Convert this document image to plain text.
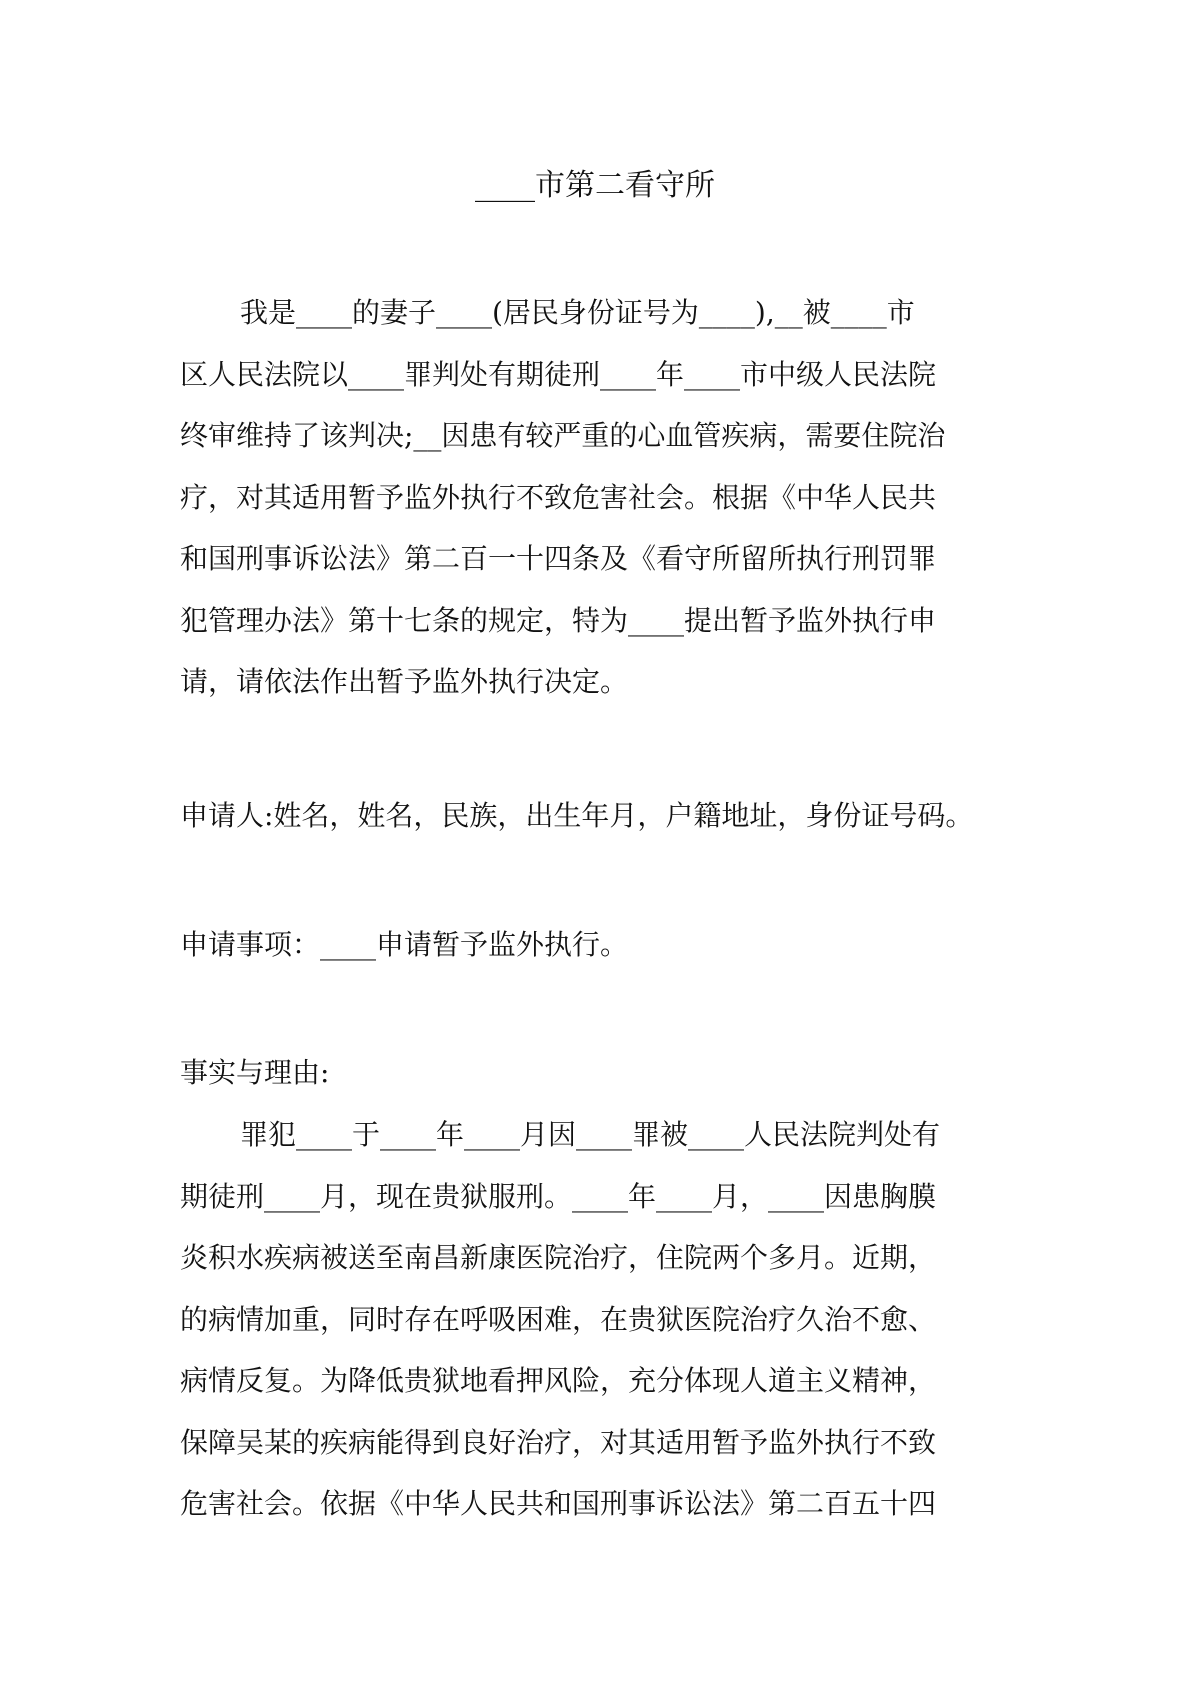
____市第二看守所
我是____的妻子____(居民身份证号为____),__被____市
区人民法院以____罪判处有期徒刑____年____市中级人民法院
终审维持了该判决;__因患有较严重的心血管疾病，需要住院治
疗，对其适用暂予监外执行不致危害社会。根据《中华人民共
和国刑事诉讼法》第二百一十四条及《看守所留所执行刑罚罪
犯管理办法》第十七条的规定，特为____提出暂予监外执行申
请，请依法作出暂予监外执行决定。
申请人:姓名，姓名，民族，出生年月，户籍地址，身份证号码。
申请事项：____申请暂予监外执行。
事实与理由:
罪犯____于____年____月因____罪被____人民法院判处有
期徒刑____月，现在贵狱服刑。____年____月，____因患胸膜
炎积水疾病被送至南昌新康医院治疗，住院两个多月。近期，
的病情加重，同时存在呼吸困难，在贵狱医院治疗久治不愈、
病情反复。为降低贵狱地看押风险，充分体现人道主义精神，
保障吴某的疾病能得到良好治疗，对其适用暂予监外执行不致
危害社会。依据《中华人民共和国刑事诉讼法》第二百五十四
